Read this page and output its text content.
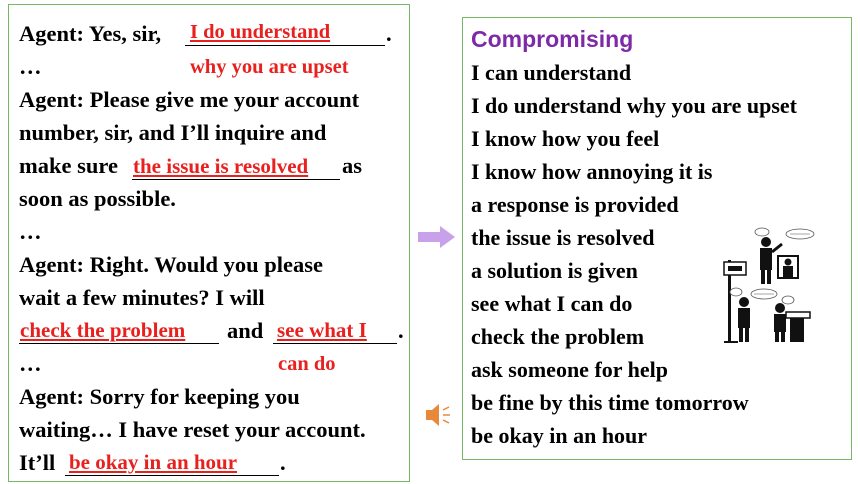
Agent: Yes, sir, I do understand .
…	why you are upset
Agent: Please give me your account
number, sir, and I’ll inquire and
make sure the issue is resolved as
soon as possible.
…
Agent: Right. Would you please
wait a few minutes? I will
check the problem and see what I .
…	can do
Agent: Sorry for keeping you
waiting… I have reset your account.
It’ll be okay in an hour .
Compromising
I can understand
I do understand why you are upset
I know how you feel
I know how annoying it is
a response is provided
the issue is resolved
a solution is given
see what I can do
check the problem
ask someone for help
be fine by this time tomorrow
be okay in an hour
